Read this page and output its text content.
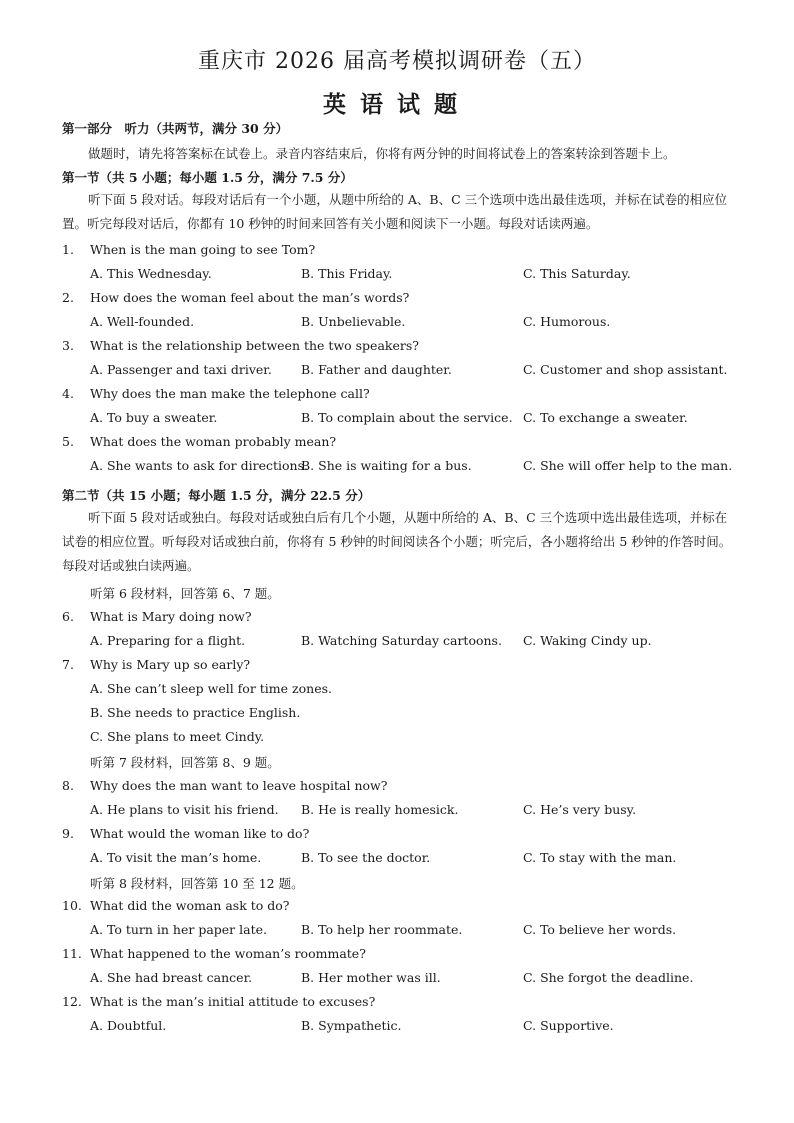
重庆市 2026 届高考模拟调研卷（五）
英语试题
第一部分　听力（共两节，满分 30 分）
做题时，请先将答案标在试卷上。录音内容结束后，你将有两分钟的时间将试卷上的答案转涂到答题卡上。
第一节（共 5 小题；每小题 1.5 分，满分 7.5 分）
听下面 5 段对话。每段对话后有一个小题，从题中所给的 A、B、C 三个选项中选出最佳选项，并标在试卷的相应位置。听完每段对话后，你都有 10 秒钟的时间来回答有关小题和阅读下一小题。每段对话读两遍。
1. When is the man going to see Tom?
A. This Wednesday.	B. This Friday.	C. This Saturday.
2. How does the woman feel about the man’s words?
A. Well-founded.	B. Unbelievable.	C. Humorous.
3. What is the relationship between the two speakers?
A. Passenger and taxi driver. B. Father and daughter.	C. Customer and shop assistant.
4. Why does the man make the telephone call?
A. To buy a sweater.	B. To complain about the service. C. To exchange a sweater.
5. What does the woman probably mean?
A. She wants to ask for directions.
B. She is waiting for a bus.	C. She will offer help to the man.
第二节（共 15 小题；每小题 1.5 分，满分 22.5 分）
听下面 5 段对话或独白。每段对话或独白后有几个小题，从题中所给的 A、B、C 三个选项中选出最佳选项，并标在试卷的相应位置。听每段对话或独白前，你将有 5 秒钟的时间阅读各个小题；听完后，各小题将给出 5 秒钟的作答时间。每段对话或独白读两遍。
听第 6 段材料，回答第 6、7 题。
6. What is Mary doing now?
A. Preparing for a flight.	B. Watching Saturday cartoons. C. Waking Cindy up.
7. Why is Mary up so early?
A. She can’t sleep well for time zones.
B. She needs to practice English.
C. She plans to meet Cindy.
听第 7 段材料，回答第 8、9 题。
8. Why does the man want to leave hospital now?
A. He plans to visit his friend. B. He is really homesick.	C. He’s very busy.
9. What would the woman like to do?
A. To visit the man’s home.	B. To see the doctor.	C. To stay with the man.
听第 8 段材料，回答第 10 至 12 题。
10. What did the woman ask to do?
A. To turn in her paper late.	B. To help her roommate.	C. To believe her words.
11. What happened to the woman’s roommate?
A. She had breast cancer.	B. Her mother was ill.	C. She forgot the deadline.
12. What is the man’s initial attitude to excuses?
A. Doubtful.	B. Sympathetic.	C. Supportive.
